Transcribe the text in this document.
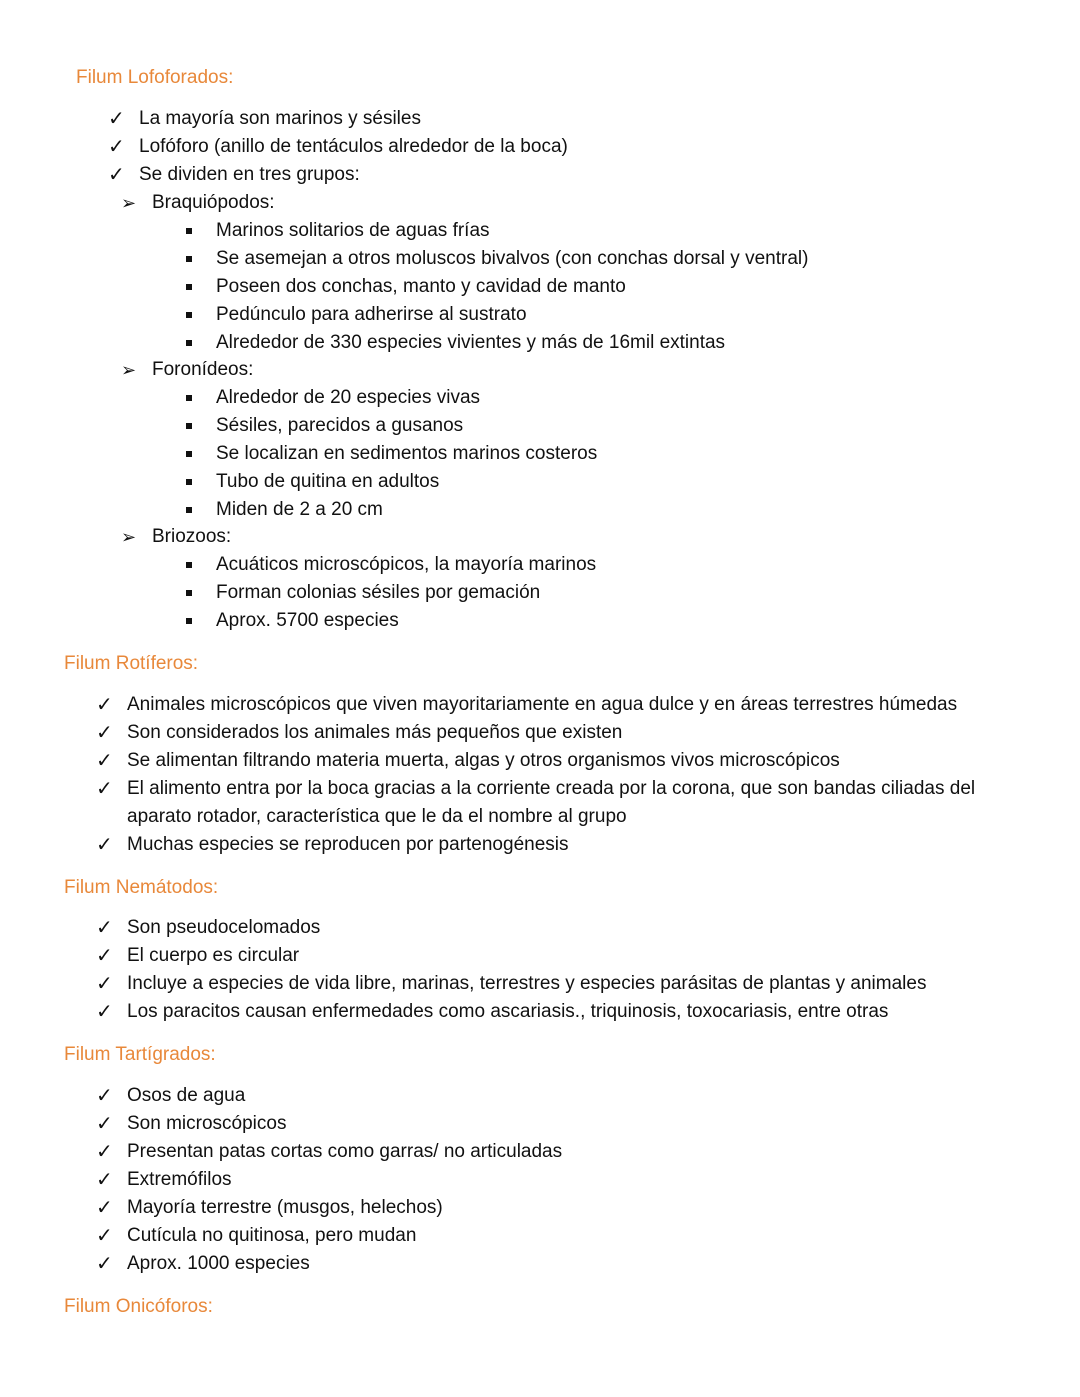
Filum Lofoforados:
✓ La mayoría son marinos y sésiles
✓ Lofóforo (anillo de tentáculos alrededor de la boca)
✓ Se dividen en tres grupos:
➢ Braquiópodos:
Marinos solitarios de aguas frías
Se asemejan a otros moluscos bivalvos (con conchas dorsal y ventral)
Poseen dos conchas, manto y cavidad de manto
Pedúnculo para adherirse al sustrato
Alrededor de 330 especies vivientes y más de 16mil extintas
➢ Foronídeos:
Alrededor de 20 especies vivas
Sésiles, parecidos a gusanos
Se localizan en sedimentos marinos costeros
Tubo de quitina en adultos
Miden de 2 a 20 cm
➢ Briozoos:
Acuáticos microscópicos, la mayoría marinos
Forman colonias sésiles por gemación
Aprox. 5700 especies
Filum Rotíferos:
✓ Animales microscópicos que viven mayoritariamente en agua dulce y en áreas terrestres húmedas
✓ Son considerados los animales más pequeños que existen
✓ Se alimentan filtrando materia muerta, algas y otros organismos vivos microscópicos
✓ El alimento entra por la boca gracias a la corriente creada por la corona, que son bandas ciliadas del
aparato rotador, característica que le da el nombre al grupo
✓ Muchas especies se reproducen por partenogénesis
Filum Nemátodos:
✓ Son pseudocelomados
✓ El cuerpo es circular
✓ Incluye a especies de vida libre, marinas, terrestres y especies parásitas de plantas y animales
✓ Los paracitos causan enfermedades como ascariasis., triquinosis, toxocariasis, entre otras
Filum Tartígrados:
✓ Osos de agua
✓ Son microscópicos
✓ Presentan patas cortas como garras/ no articuladas
✓ Extremófilos
✓ Mayoría terrestre (musgos, helechos)
✓ Cutícula no quitinosa, pero mudan
✓ Aprox. 1000 especies
Filum Onicóforos:
